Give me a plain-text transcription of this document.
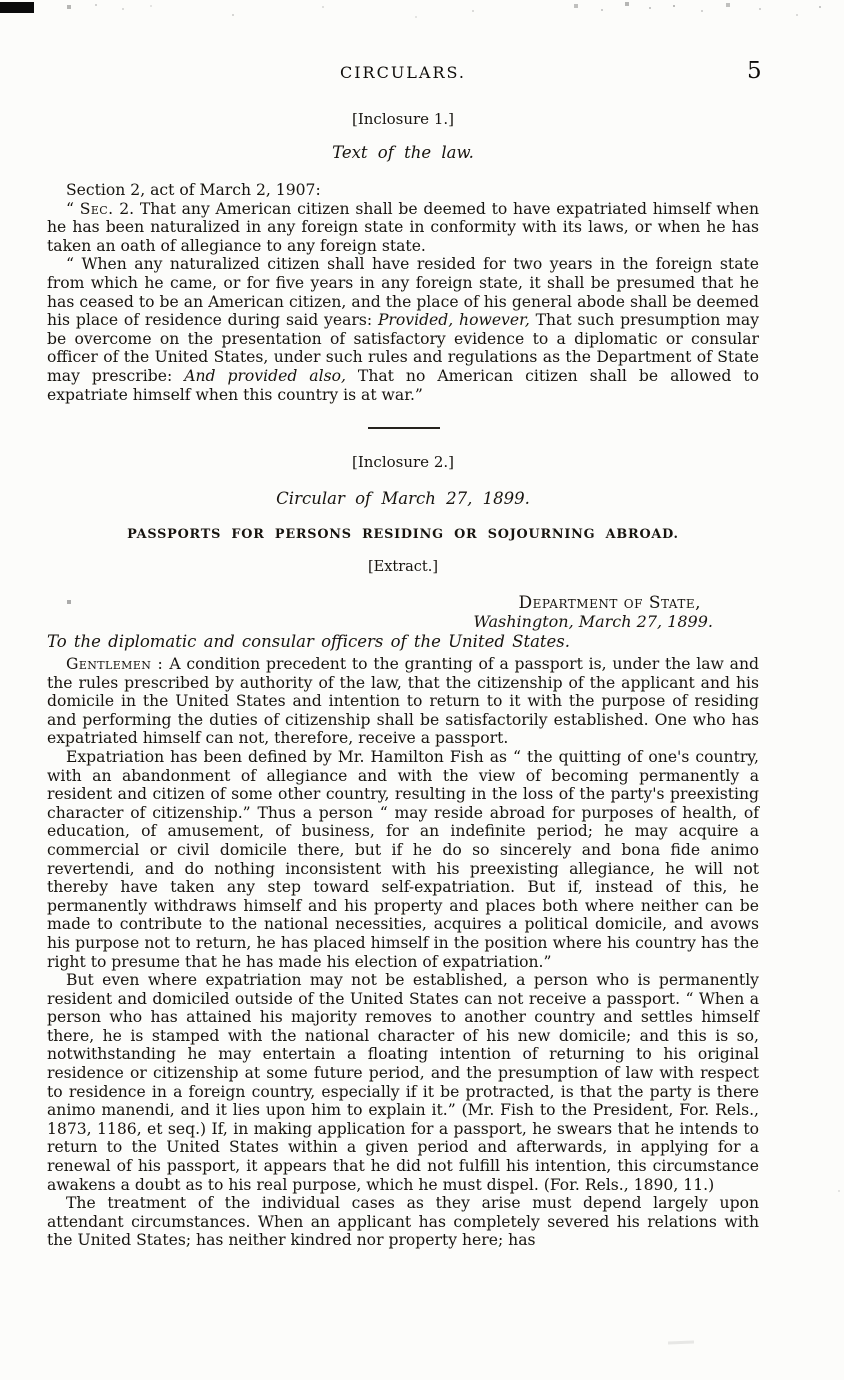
CIRCULARS.	5
[Inclosure 1.]
Text of the law.

Section 2, act of March 2, 1907:

“ Sec. 2. That any American citizen shall be deemed to have expatriated himself when he has been naturalized in any foreign state in conformity with its laws, or when he has taken an oath of allegiance to any foreign state.

“ When any naturalized citizen shall have resided for two years in the foreign state from which he came, or for five years in any foreign state, it shall be presumed that he has ceased to be an American citizen, and the place of his general abode shall be deemed his place of residence during said years: Provided, however, That such presumption may be overcome on the presentation of satisfactory evidence to a diplomatic or consular officer of the United States, under such rules and regulations as the Department of State may prescribe: And provided also, That no American citizen shall be allowed to expatriate himself when this country is at war.”

[Inclosure 2.]
Circular of March 27, 1899.
PASSPORTS FOR PERSONS RESIDING OR SOJOURNING ABROAD.
[Extract.]
Department of State,
Washington, March 27, 1899.
To the diplomatic and consular officers of the United States.

Gentlemen : A condition precedent to the granting of a passport is, under the law and the rules prescribed by authority of the law, that the citizenship of the applicant and his domicile in the United States and intention to return to it with the purpose of residing and performing the duties of citizenship shall be satisfactorily established. One who has expatriated himself can not, therefore, receive a passport.

Expatriation has been defined by Mr. Hamilton Fish as “ the quitting of one's country, with an abandonment of allegiance and with the view of becoming permanently a resident and citizen of some other country, resulting in the loss of the party's preexisting character of citizenship.” Thus a person “ may reside abroad for purposes of health, of education, of amusement, of business, for an indefinite period; he may acquire a commercial or civil domicile there, but if he do so sincerely and bona fide animo revertendi, and do nothing inconsistent with his preexisting allegiance, he will not thereby have taken any step toward self-expatriation. But if, instead of this, he permanently withdraws himself and his property and places both where neither can be made to contribute to the national necessities, acquires a political domicile, and avows his purpose not to return, he has placed himself in the position where his country has the right to presume that he has made his election of expatriation.”

But even where expatriation may not be established, a person who is permanently resident and domiciled outside of the United States can not receive a passport. “ When a person who has attained his majority removes to another country and settles himself there, he is stamped with the national character of his new domicile; and this is so, notwithstanding he may entertain a floating intention of returning to his original residence or citizenship at some future period, and the presumption of law with respect to residence in a foreign country, especially if it be protracted, is that the party is there animo manendi, and it lies upon him to explain it.” (Mr. Fish to the President, For. Rels., 1873, 1186, et seq.) If, in making application for a passport, he swears that he intends to return to the United States within a given period and afterwards, in applying for a renewal of his passport, it appears that he did not fulfill his intention, this circumstance awakens a doubt as to his real purpose, which he must dispel. (For. Rels., 1890, 11.)

The treatment of the individual cases as they arise must depend largely upon attendant circumstances. When an applicant has completely severed his relations with the United States; has neither kindred nor property here; has
